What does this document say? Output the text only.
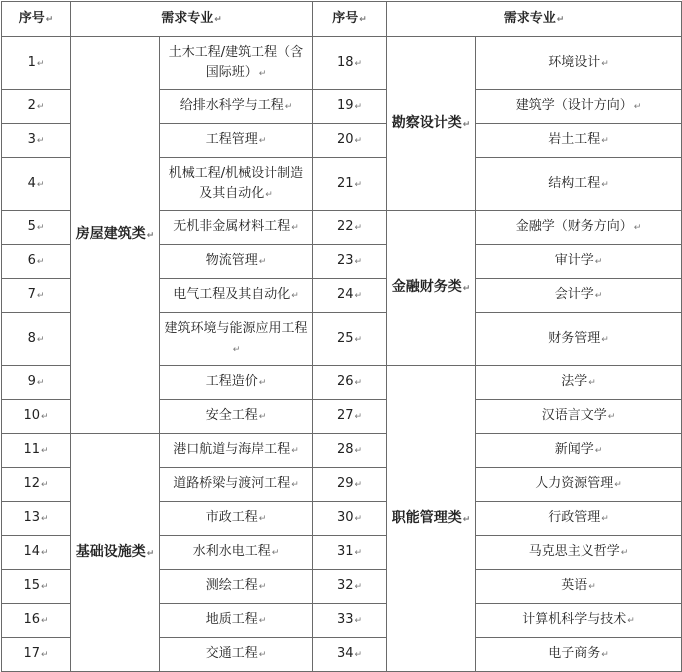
序号↵	需求专业↵		序号↵	需求专业↵	
1↵	房屋建筑类↵	土木工程/建筑工程（含国际班）↵	18↵	勘察设计类↵	环境设计↵
2↵		给排水科学与工程↵	19↵		建筑学（设计方向）↵
3↵		工程管理↵	20↵		岩土工程↵
4↵		机械工程/机械设计制造及其自动化↵	21↵		结构工程↵
5↵		无机非金属材料工程↵	22↵	金融财务类↵	金融学（财务方向）↵
6↵		物流管理↵	23↵		审计学↵
7↵		电气工程及其自动化↵	24↵		会计学↵
8↵		建筑环境与能源应用工程↵	25↵		财务管理↵
9↵		工程造价↵	26↵	职能管理类↵	法学↵
10↵		安全工程↵	27↵		汉语言文学↵
11↵	基础设施类↵	港口航道与海岸工程↵	28↵		新闻学↵
12↵		道路桥梁与渡河工程↵	29↵		人力资源管理↵
13↵		市政工程↵	30↵		行政管理↵
14↵		水利水电工程↵	31↵		马克思主义哲学↵
15↵		测绘工程↵	32↵		英语↵
16↵		地质工程↵	33↵		计算机科学与技术↵
17↵		交通工程↵	34↵		电子商务↵
